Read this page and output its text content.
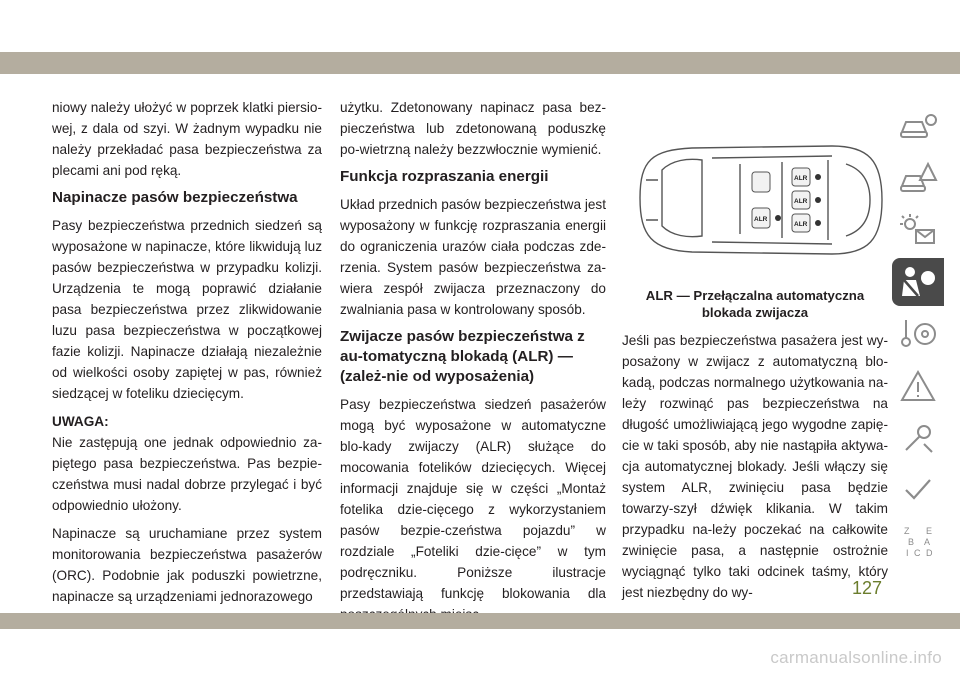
niowy należy ułożyć w poprzek klatki piersio-wej, z dala od szyi. W żadnym wypadku nie należy przekładać pasa bezpieczeństwa za plecami ani pod ręką.

Napinacze pasów bezpieczeństwa

Pasy bezpieczeństwa przednich siedzeń są wyposażone w napinacze, które likwidują luz pasów bezpieczeństwa w przypadku kolizji. Urządzenia te mogą poprawić działanie pasa bezpieczeństwa przez zlikwidowanie luzu pasa bezpieczeństwa w początkowej fazie kolizji. Napinacze działają niezależnie od wielkości osoby zapiętej w pas, również siedzącej w foteliku dziecięcym.

UWAGA:

Nie zastępują one jednak odpowiednio za-piętego pasa bezpieczeństwa. Pas bezpie-czeństwa musi nadal dobrze przylegać i być odpowiednio ułożony.

Napinacze są uruchamiane przez system monitorowania bezpieczeństwa pasażerów (ORC). Podobnie jak poduszki powietrzne, napinacze są urządzeniami jednorazowego

użytku. Zdetonowany napinacz pasa bez-pieczeństwa lub zdetonowaną poduszkę po-wietrzną należy bezzwłocznie wymienić.

Funkcja rozpraszania energii

Układ przednich pasów bezpieczeństwa jest wyposażony w funkcję rozpraszania energii do ograniczenia urazów ciała podczas zde-rzenia. System pasów bezpieczeństwa za-wiera zespół zwijacza przeznaczony do zwalniania pasa w kontrolowany sposób.

Zwijacze pasów bezpieczeństwa z au-tomatyczną blokadą (ALR) — (zależ-nie od wyposażenia)

Pasy bezpieczeństwa siedzeń pasażerów mogą być wyposażone w automatyczne blo-kady zwijaczy (ALR) służące do mocowania fotelików dziecięcych. Więcej informacji znajduje się w części „Montaż fotelika dzie-cięcego z wykorzystaniem pasów bezpie-czeństwa pojazdu” w rozdziale „Foteliki dzie-cięce” w tym podręczniku. Poniższe ilustracje przedstawiają funkcję blokowania dla

ALR
ALR
ALR
ALR
ALR — Przełączalna automatyczna blokada zwijacza

Jeśli pas bezpieczeństwa pasażera jest wy-posażony w zwijacz z automatyczną blo-kadą, podczas normalnego użytkowania na-leży rozwinąć pas bezpieczeństwa na długość umożliwiającą jego wygodne zapię-cie w taki sposób, aby nie nastąpiła aktywa-cja automatycznej blokady. Jeśli włączy się system ALR, zwinięciu pasa będzie towarzy-szył dźwięk klikania. W takim przypadku na-leży poczekać na całkowite zwinięcie pasa, a następnie ostrożnie wyciągnąć tylko taki odcinek taśmy, który jest niezbędny do wy-

Z E
B A
I C D
127
carmanualsonline.info
